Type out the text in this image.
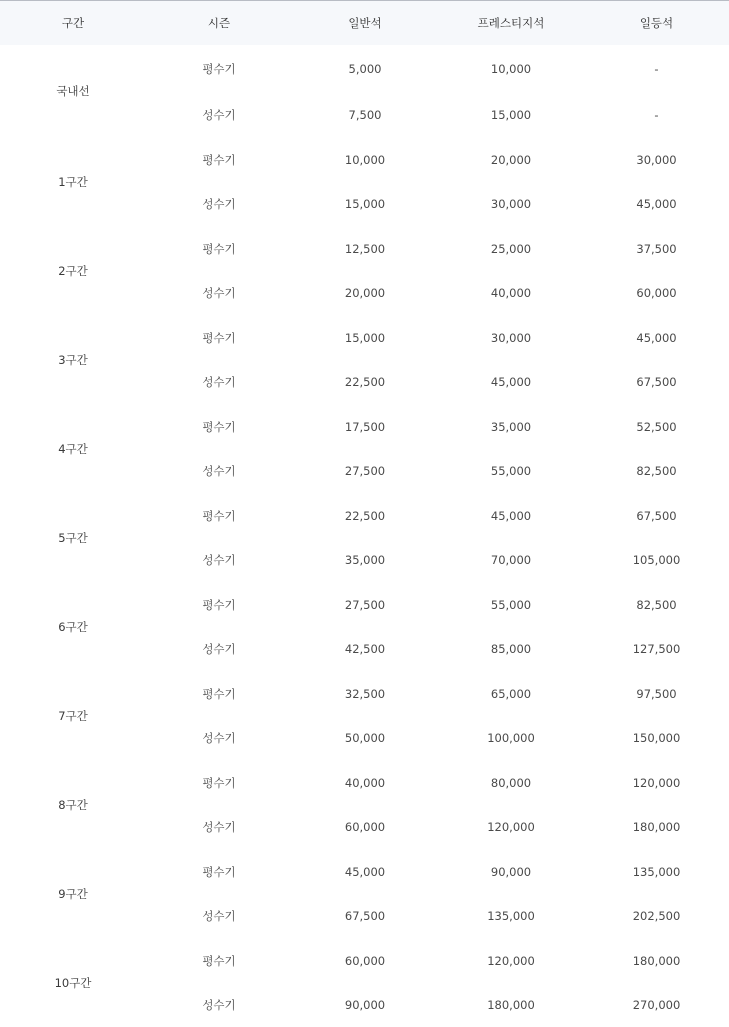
구간	시즌	일반석	프레스티지석	일등석
국내선	평수기	5,000	10,000	-
	성수기	7,500	15,000	-
1구간	평수기	10,000	20,000	30,000
	성수기	15,000	30,000	45,000
2구간	평수기	12,500	25,000	37,500
	성수기	20,000	40,000	60,000
3구간	평수기	15,000	30,000	45,000
	성수기	22,500	45,000	67,500
4구간	평수기	17,500	35,000	52,500
	성수기	27,500	55,000	82,500
5구간	평수기	22,500	45,000	67,500
	성수기	35,000	70,000	105,000
6구간	평수기	27,500	55,000	82,500
	성수기	42,500	85,000	127,500
7구간	평수기	32,500	65,000	97,500
	성수기	50,000	100,000	150,000
8구간	평수기	40,000	80,000	120,000
	성수기	60,000	120,000	180,000
9구간	평수기	45,000	90,000	135,000
	성수기	67,500	135,000	202,500
10구간	평수기	60,000	120,000	180,000
	성수기	90,000	180,000	270,000
